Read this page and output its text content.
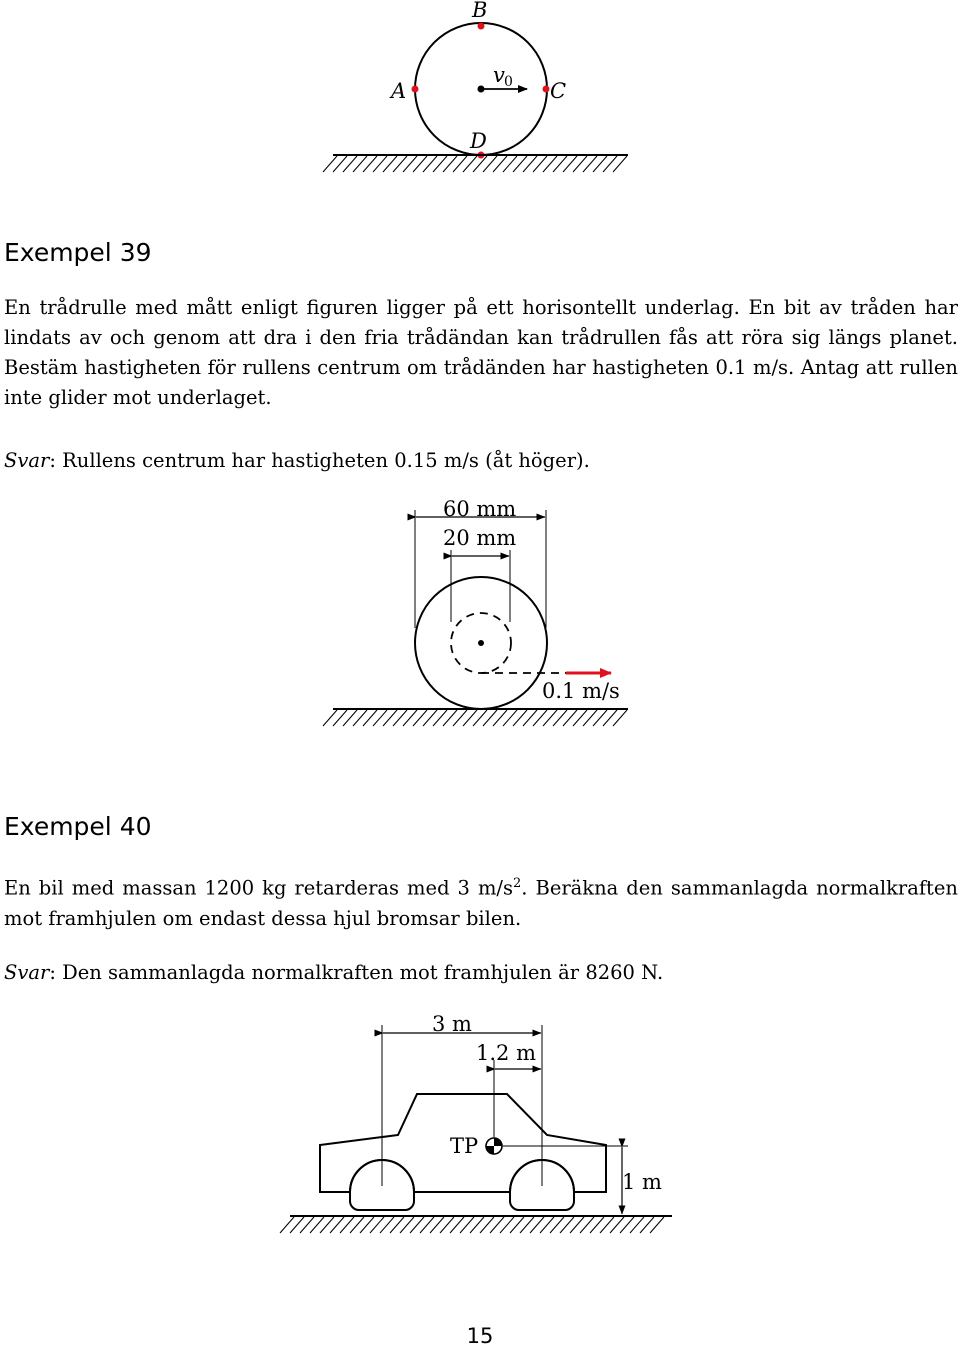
B
A	C
D
v 0
Exempel 39

En trådrulle med mått enligt figuren ligger på ett horisontellt underlag. En bit av tråden har lindats av och genom att dra i den fria trådändan kan trådrullen fås att röra sig längs planet. Bestäm hastigheten för rullens centrum om trådänden har hastigheten 0.1 m/s. Antag att rullen inte glider mot underlaget.

Svar: Rullens centrum har hastigheten 0.15 m/s (åt höger).

60 mm
20 mm
0.1 m/s
Exempel 40

En bil med massan 1200 kg retarderas med 3 $m/s^2$. Beräkna den sammanlagda normalkraften mot framhjulen om endast dessa hjul bromsar bilen.

Svar: Den sammanlagda normalkraften mot framhjulen är 8260 N.

3 m
1.2 m
TP
1 m
15
